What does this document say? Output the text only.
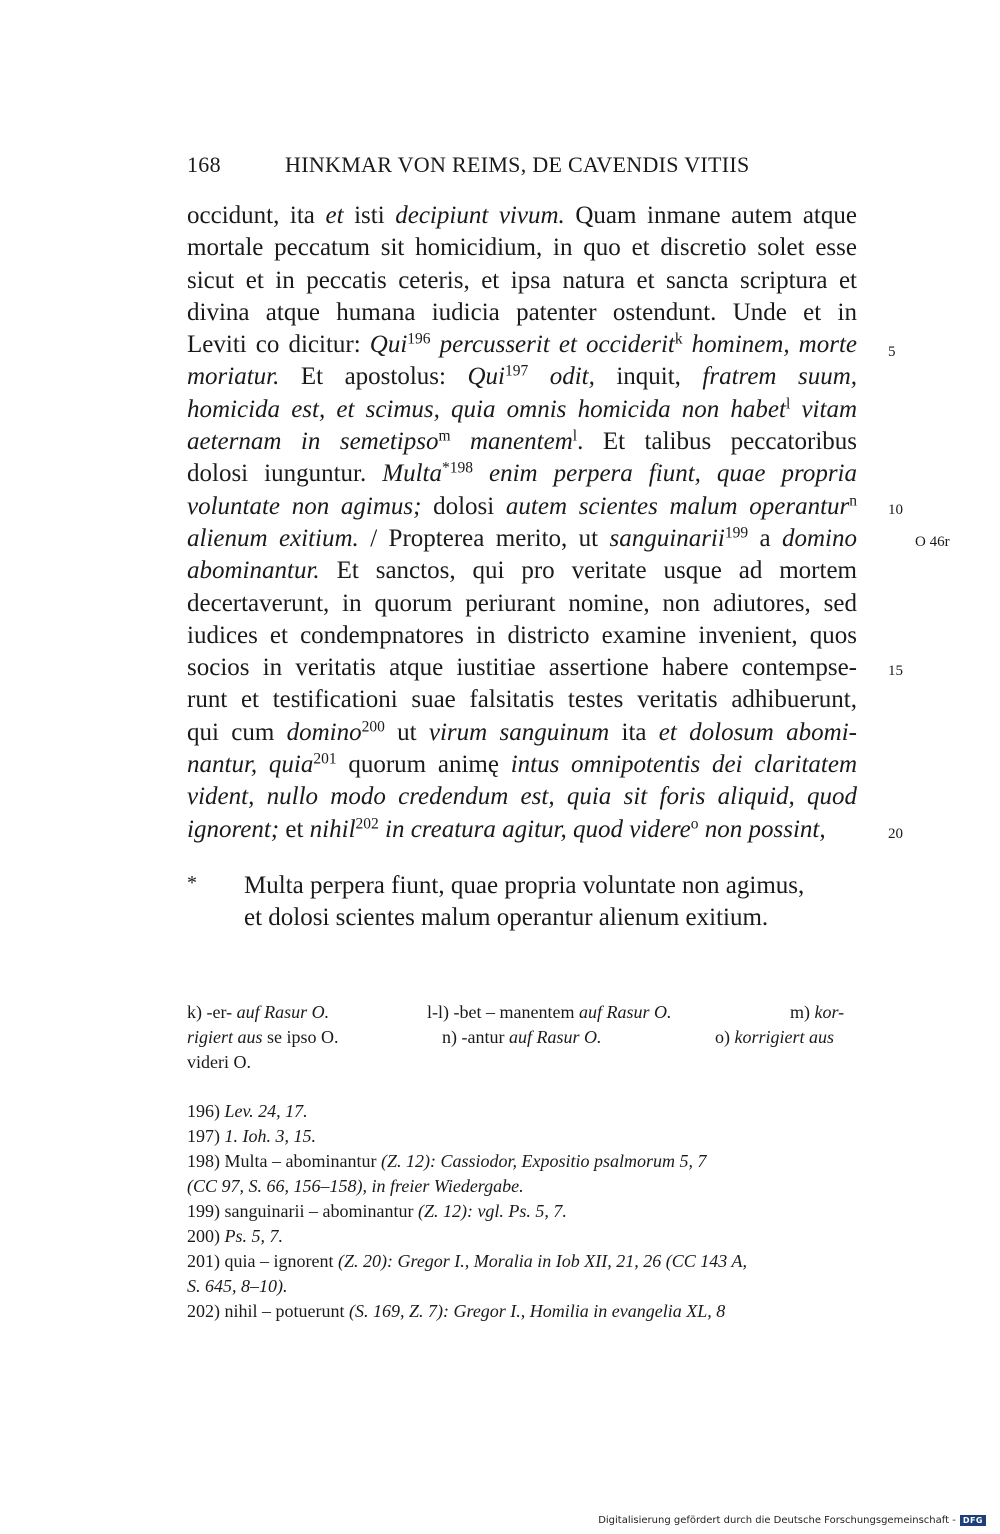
168	HINKMAR VON REIMS, DE CAVENDIS VITIIS
occidunt, ita et isti decipiunt vivum. Quam inmane autem atque
mortale peccatum sit homicidium, in quo et discretio solet esse
sicut et in peccatis ceteris, et ipsa natura et sancta scriptura et
divina atque humana iudicia patenter ostendunt. Unde et in
Leviti co dicitur: Qui$^{196}$ percusserit et occiderit$^k$ hominem, morte
moriatur. Et apostolus: Qui$^{197}$ odit, inquit, fratrem suum,
homicida est, et scimus, quia omnis homicida non habet$^l$ vitam
aeternam in semetipso$^m$ manentem$^l$. Et talibus peccatoribus
dolosi iunguntur. Multa$^{*198}$ enim perpera fiunt, quae propria
voluntate non agimus; dolosi autem scientes malum operantur$^n$
alienum exitium. / Propterea merito, ut sanguinarii$^{199}$ a domino
abominantur. Et sanctos, qui pro veritate usque ad mortem
decertaverunt, in quorum periurant nomine, non adiutores, sed
iudices et condempnatores in districto examine invenient, quos
socios in veritatis atque iustitiae assertione habere contempse-
runt et testificationi suae falsitatis testes veritatis adhibuerunt,
qui cum domino$^{200}$ ut virum sanguinum ita et dolosum abomi-
nantur, quia$^{201}$ quorum animę intus omnipotentis dei claritatem
vident, nullo modo credendum est, quia sit foris aliquid, quod
ignorent; et nihil$^{202}$ in creatura agitur, quod videre$^o$ non possint,
5
10
O 46r
15
20
* Multa perpera fiunt, quae propria voluntate non agimus,
et dolosi scientes malum operantur alienum exitium.
k) -er- auf Rasur O.	l-l) -bet – manentem auf Rasur O.	m) kor-
rigiert aus se ipso O.	n) -antur auf Rasur O.	o) korrigiert aus
videri O.
196) Lev. 24, 17.
197) 1. Ioh. 3, 15.
198) Multa – abominantur (Z. 12): Cassiodor, Expositio psalmorum 5, 7
(CC 97, S. 66, 156–158), in freier Wiedergabe.
199) sanguinarii – abominantur (Z. 12): vgl. Ps. 5, 7.
200) Ps. 5, 7.
201) quia – ignorent (Z. 20): Gregor I., Moralia in Iob XII, 21, 26 (CC 143 A,
S. 645, 8–10).
202) nihil – potuerunt (S. 169, Z. 7): Gregor I., Homilia in evangelia XL, 8
Digitalisierung gefördert durch die Deutsche Forschungsgemeinschaft - DFG
